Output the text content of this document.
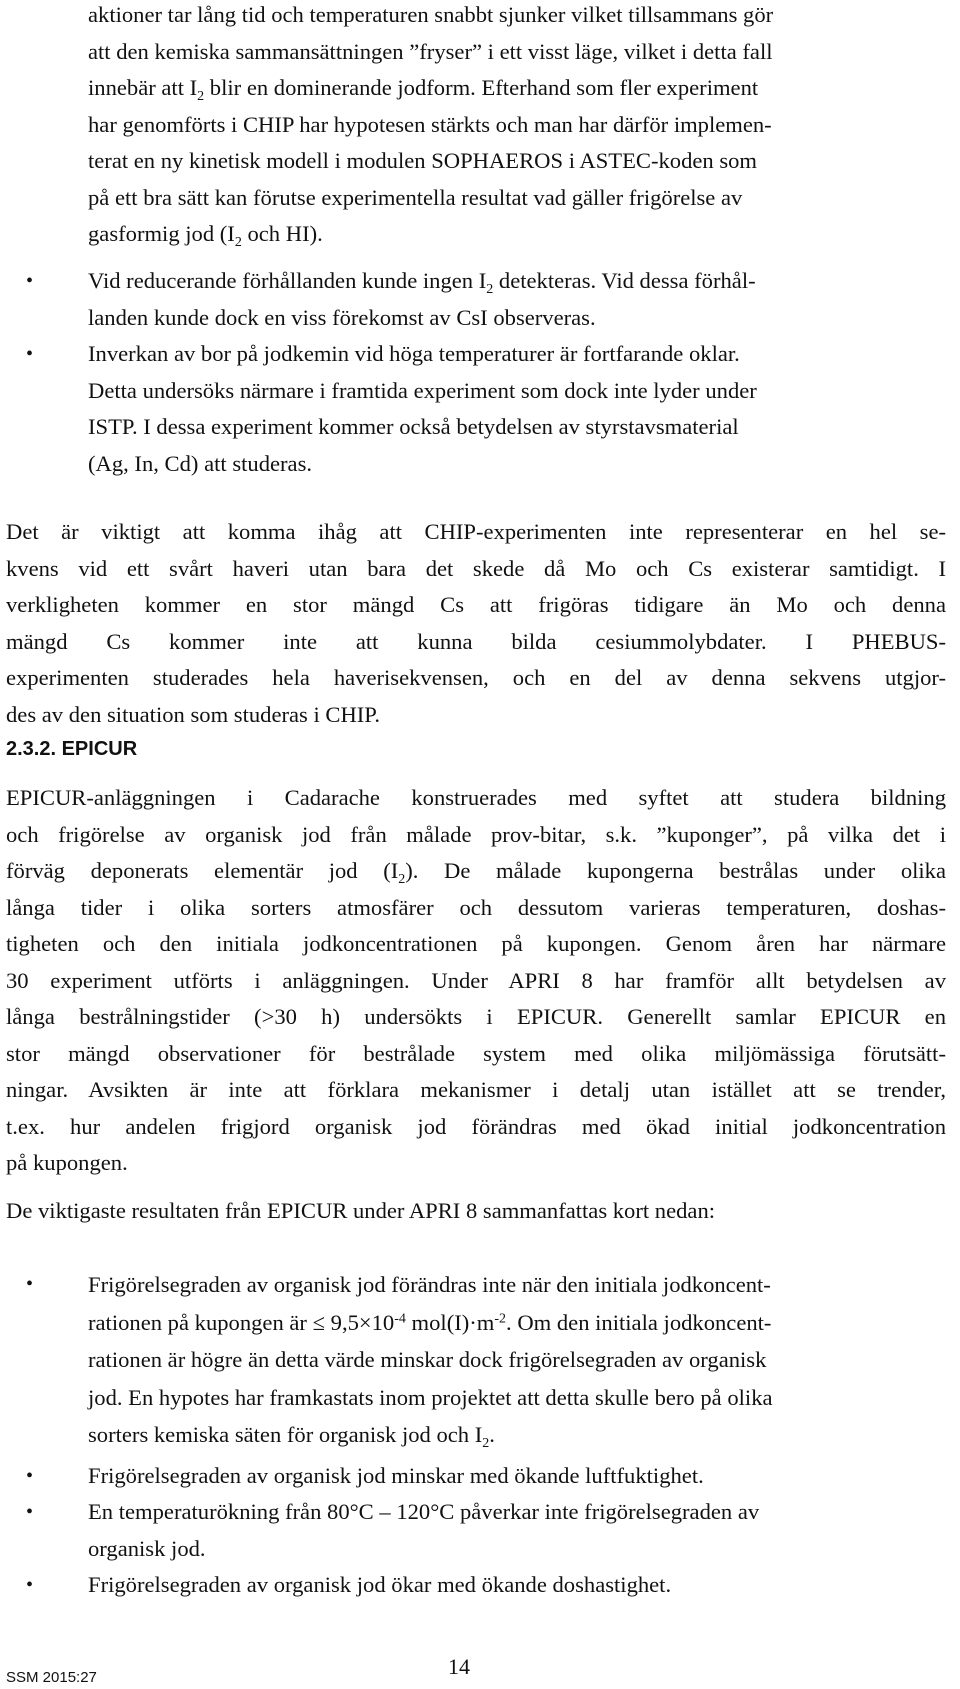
aktioner tar lång tid och temperaturen snabbt sjunker vilket tillsammans gör
att den kemiska sammansättningen ”fryser” i ett visst läge, vilket i detta fall
innebär att $I_2$ blir en dominerande jodform. Efterhand som fler experiment
har genomförts i CHIP har hypotesen stärkts och man har därför implemen-
terat en ny kinetisk modell i modulen SOPHAEROS i ASTEC-koden som
på ett bra sätt kan förutse experimentella resultat vad gäller frigörelse av
gasformig jod ($I_2$ och HI).
• Vid reducerande förhållanden kunde ingen $I_2$ detekteras. Vid dessa förhål-
landen kunde dock en viss förekomst av CsI observeras.
• Inverkan av bor på jodkemin vid höga temperaturer är fortfarande oklar.
Detta undersöks närmare i framtida experiment som dock inte lyder under
ISTP. I dessa experiment kommer också betydelsen av styrstavsmaterial
(Ag, In, Cd) att studeras.
Det är viktigt att komma ihåg att CHIP-experimenten inte representerar en hel se-
kvens vid ett svårt haveri utan bara det skede då Mo och Cs existerar samtidigt. I
verkligheten kommer en stor mängd Cs att frigöras tidigare än Mo och denna
mängd Cs kommer inte att kunna bilda cesiummolybdater. I PHEBUS-
experimenten studerades hela haverisekvensen, och en del av denna sekvens utgjor-
des av den situation som studeras i CHIP.
2.3.2. EPICUR
EPICUR-anläggningen i Cadarache konstruerades med syftet att studera bildning
och frigörelse av organisk jod från målade prov-bitar, s.k. ”kuponger”, på vilka det i
förväg deponerats elementär jod $(I_2)$. De målade kupongerna bestrålas under olika
långa tider i olika sorters atmosfärer och dessutom varieras temperaturen, doshas-
tigheten och den initiala jodkoncentrationen på kupongen. Genom åren har närmare
30 experiment utförts i anläggningen. Under APRI 8 har framför allt betydelsen av
långa bestrålningstider (>30 h) undersökts i EPICUR. Generellt samlar EPICUR en
stor mängd observationer för bestrålade system med olika miljömässiga förutsätt-
ningar. Avsikten är inte att förklara mekanismer i detalj utan istället att se trender,
t.ex. hur andelen frigjord organisk jod förändras med ökad initial jodkoncentration
på kupongen.
De viktigaste resultaten från EPICUR under APRI 8 sammanfattas kort nedan:
• Frigörelsegraden av organisk jod förändras inte när den initiala jodkoncent-
rationen på kupongen är ≤ $9,5\times 10^{-4}$ $mol(I)\cdot m^{-2}$. Om den initiala jodkoncent-
rationen är högre än detta värde minskar dock frigörelsegraden av organisk
jod. En hypotes har framkastats inom projektet att detta skulle bero på olika
sorters kemiska säten för organisk jod och $I_2$.
• Frigörelsegraden av organisk jod minskar med ökande luftfuktighet.
• En temperaturökning från 80°C – 120°C påverkar inte frigörelsegraden av
organisk jod.
• Frigörelsegraden av organisk jod ökar med ökande doshastighet.
SSM 2015:27	14
